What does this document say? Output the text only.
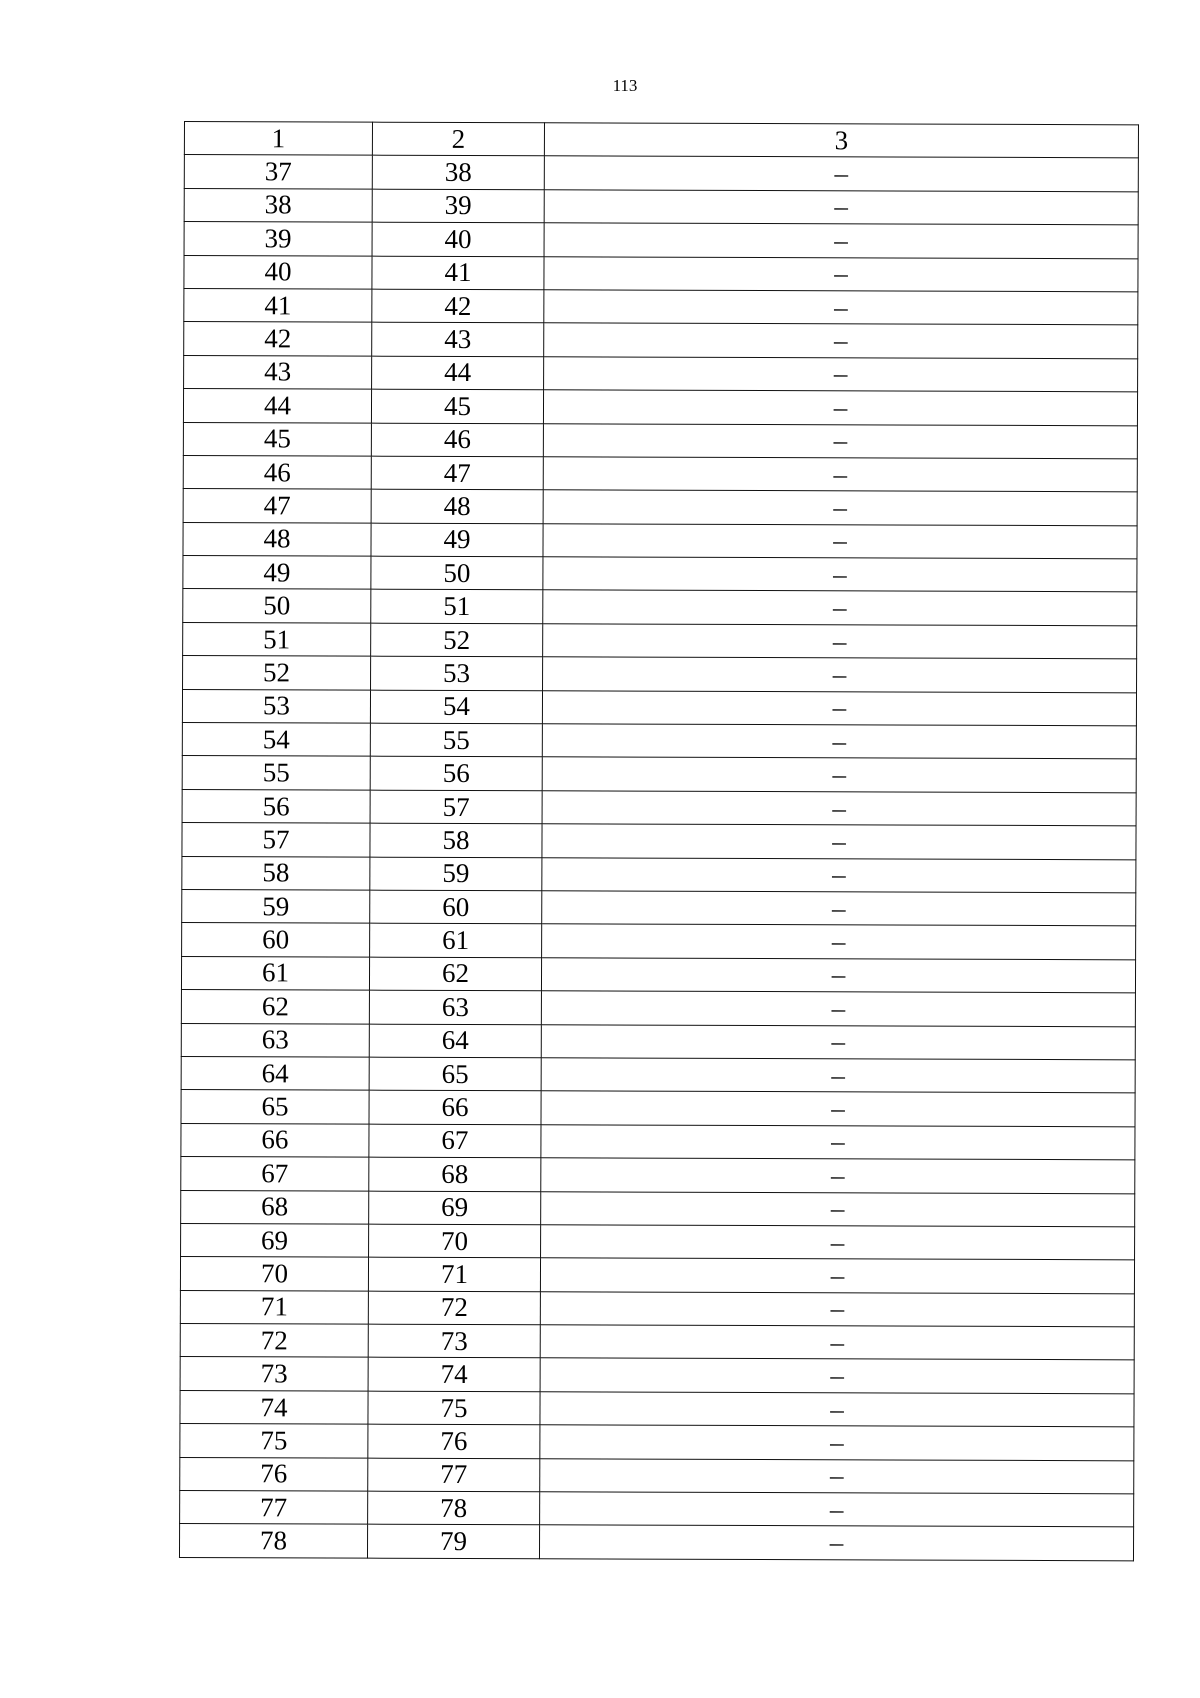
113
1	2	3
37	38	–
38	39	–
39	40	–
40	41	–
41	42	–
42	43	–
43	44	–
44	45	–
45	46	–
46	47	–
47	48	–
48	49	–
49	50	–
50	51	–
51	52	–
52	53	–
53	54	–
54	55	–
55	56	–
56	57	–
57	58	–
58	59	–
59	60	–
60	61	–
61	62	–
62	63	–
63	64	–
64	65	–
65	66	–
66	67	–
67	68	–
68	69	–
69	70	–
70	71	–
71	72	–
72	73	–
73	74	–
74	75	–
75	76	–
76	77	–
77	78	–
78	79	–
